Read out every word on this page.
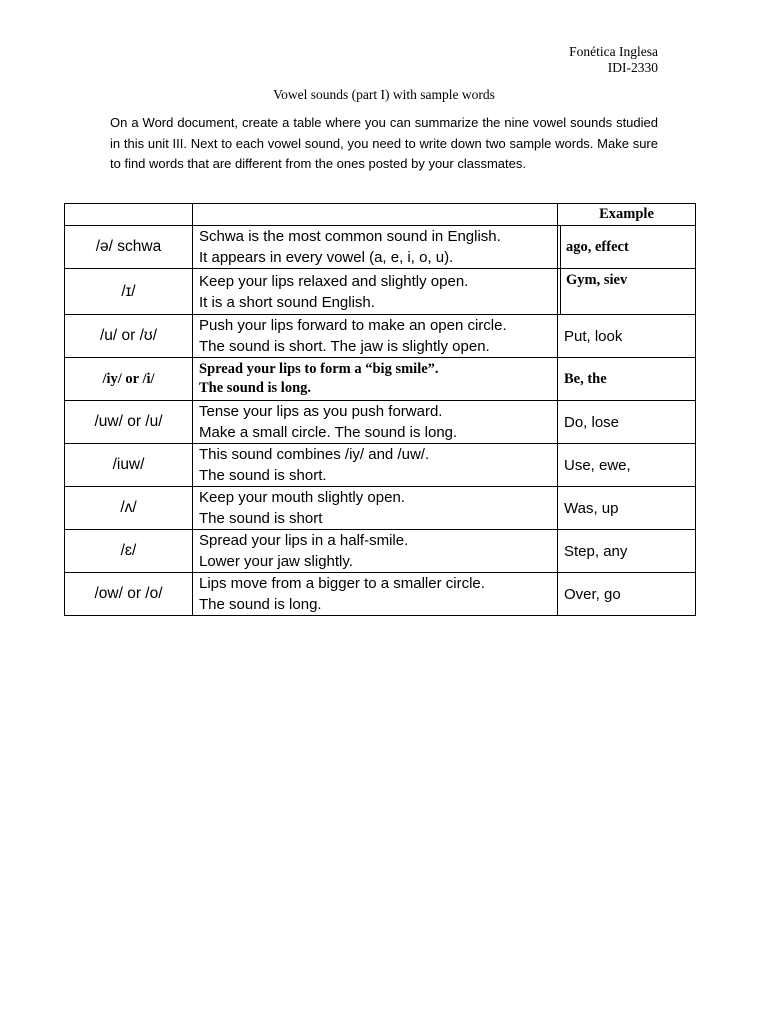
Fonética Inglesa
IDI-2330
Vowel sounds (part I) with sample words
On a Word document, create a table where you can summarize the nine vowel sounds studied in this unit III. Next to each vowel sound, you need to write down two sample words. Make sure to find words that are different from the ones posted by your classmates.
		Example
/ə/ schwa	Schwa is the most common sound in English.
It appears in every vowel (a, e, i, o, u).	ago, effect
/ɪ/	Keep your lips relaxed and slightly open.
It is a short sound English.	Gym, siev
/u/ or /ʊ/	Push your lips forward to make an open circle.
The sound is short. The jaw is slightly open.	Put, look
/iy/ or /i/	Spread your lips to form a “big smile”.
The sound is long.	Be, the
/uw/ or /u/	Tense your lips as you push forward.
Make a small circle. The sound is long.	Do, lose
/iuw/	This sound combines /iy/ and /uw/.
The sound is short.	Use, ewe,
/ʌ/	Keep your mouth slightly open.
The sound is short	Was, up
/ɛ/	Spread your lips in a half-smile.
Lower your jaw slightly.	Step, any
/ow/ or /o/	Lips move from a bigger to a smaller circle.
The sound is long.	Over, go
